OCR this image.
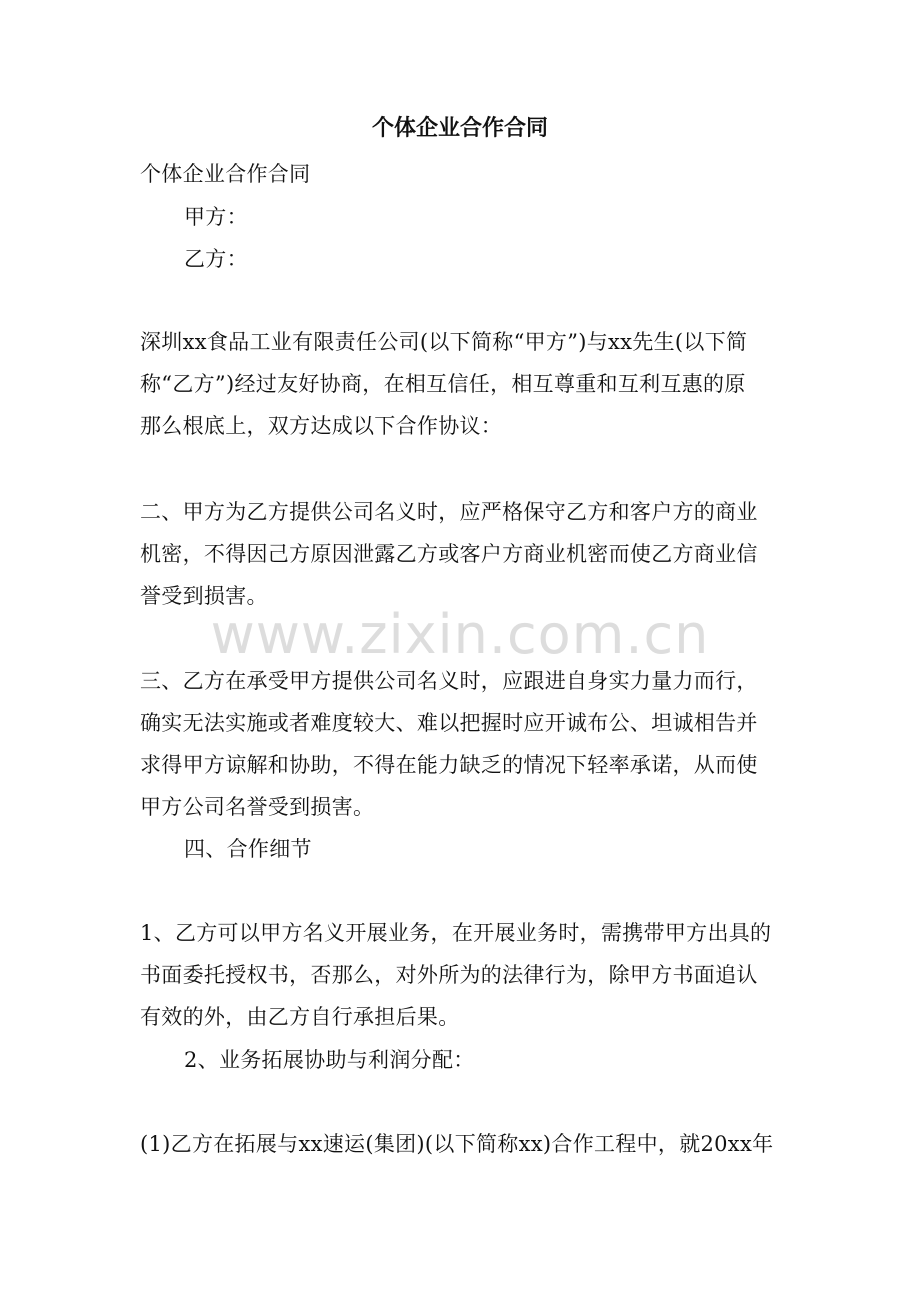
个体企业合作合同
个体企业合作合同
甲方：
乙方：
深圳xx食品工业有限责任公司(以下简称“甲方”)与xx先生(以下简
称“乙方”)经过友好协商，在相互信任，相互尊重和互利互惠的原
那么根底上，双方达成以下合作协议：
二、甲方为乙方提供公司名义时，应严格保守乙方和客户方的商业
机密，不得因己方原因泄露乙方或客户方商业机密而使乙方商业信
誉受到损害。
www.zixin.com.cn
三、乙方在承受甲方提供公司名义时，应跟进自身实力量力而行，
确实无法实施或者难度较大、难以把握时应开诚布公、坦诚相告并
求得甲方谅解和协助，不得在能力缺乏的情况下轻率承诺，从而使
甲方公司名誉受到损害。
四、合作细节
1、乙方可以甲方名义开展业务，在开展业务时，需携带甲方出具的
书面委托授权书，否那么，对外所为的法律行为，除甲方书面追认
有效的外，由乙方自行承担后果。
2、业务拓展协助与利润分配：
(1)乙方在拓展与xx速运(集团)(以下简称xx)合作工程中，就20xx年
